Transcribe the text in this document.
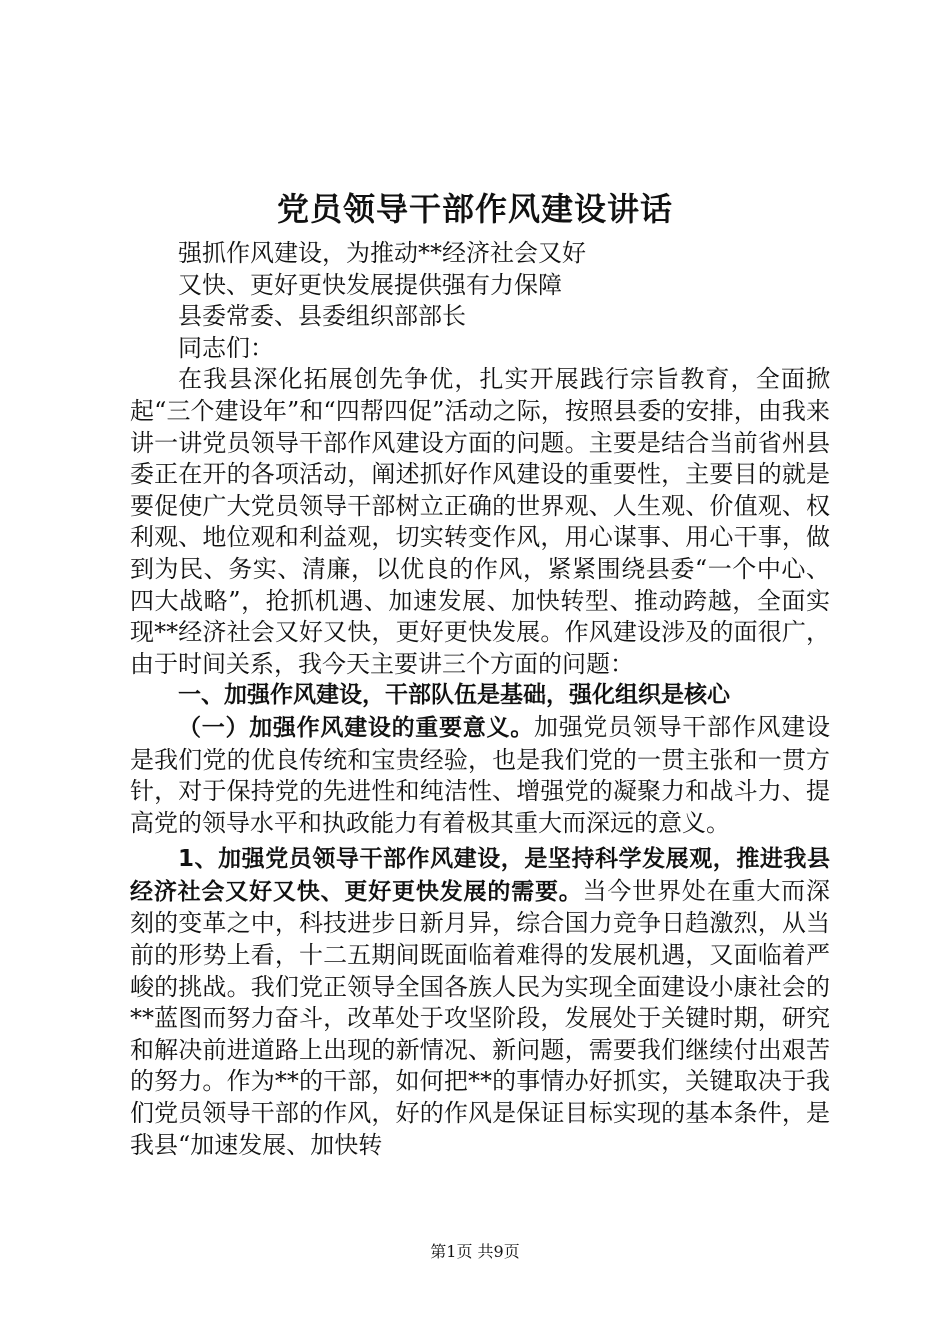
党员领导干部作风建设讲话

强抓作风建设，为推动**经济社会又好

又快、更好更快发展提供强有力保障

县委常委、县委组织部部长

同志们：

在我县深化拓展创先争优，扎实开展践行宗旨教育，全面掀起“三个建设年”和“四帮四促”活动之际，按照县委的安排，由我来讲一讲党员领导干部作风建设方面的问题。主要是结合当前省州县委正在开的各项活动，阐述抓好作风建设的重要性，主要目的就是要促使广大党员领导干部树立正确的世界观、人生观、价值观、权利观、地位观和利益观，切实转变作风，用心谋事、用心干事，做到为民、务实、清廉，以优良的作风，紧紧围绕县委“一个中心、四大战略”，抢抓机遇、加速发展、加快转型、推动跨越，全面实现**经济社会又好又快，更好更快发展。作风建设涉及的面很广，由于时间关系，我今天主要讲三个方面的问题：

一、加强作风建设，干部队伍是基础，强化组织是核心

（一）加强作风建设的重要意义。加强党员领导干部作风建设是我们党的优良传统和宝贵经验，也是我们党的一贯主张和一贯方针，对于保持党的先进性和纯洁性、增强党的凝聚力和战斗力、提高党的领导水平和执政能力有着极其重大而深远的意义。

1、加强党员领导干部作风建设，是坚持科学发展观，推进我县经济社会又好又快、更好更快发展的需要。当今世界处在重大而深刻的变革之中，科技进步日新月异，综合国力竞争日趋激烈，从当前的形势上看，十二五期间既面临着难得的发展机遇，又面临着严峻的挑战。我们党正领导全国各族人民为实现全面建设小康社会的**蓝图而努力奋斗，改革处于攻坚阶段，发展处于关键时期，研究和解决前进道路上出现的新情况、新问题，需要我们继续付出艰苦的努力。作为**的干部，如何把**的事情办好抓实，关键取决于我们党员领导干部的作风，好的作风是保证目标实现的基本条件，是我县“加速发展、加快转

第1页 共9页
